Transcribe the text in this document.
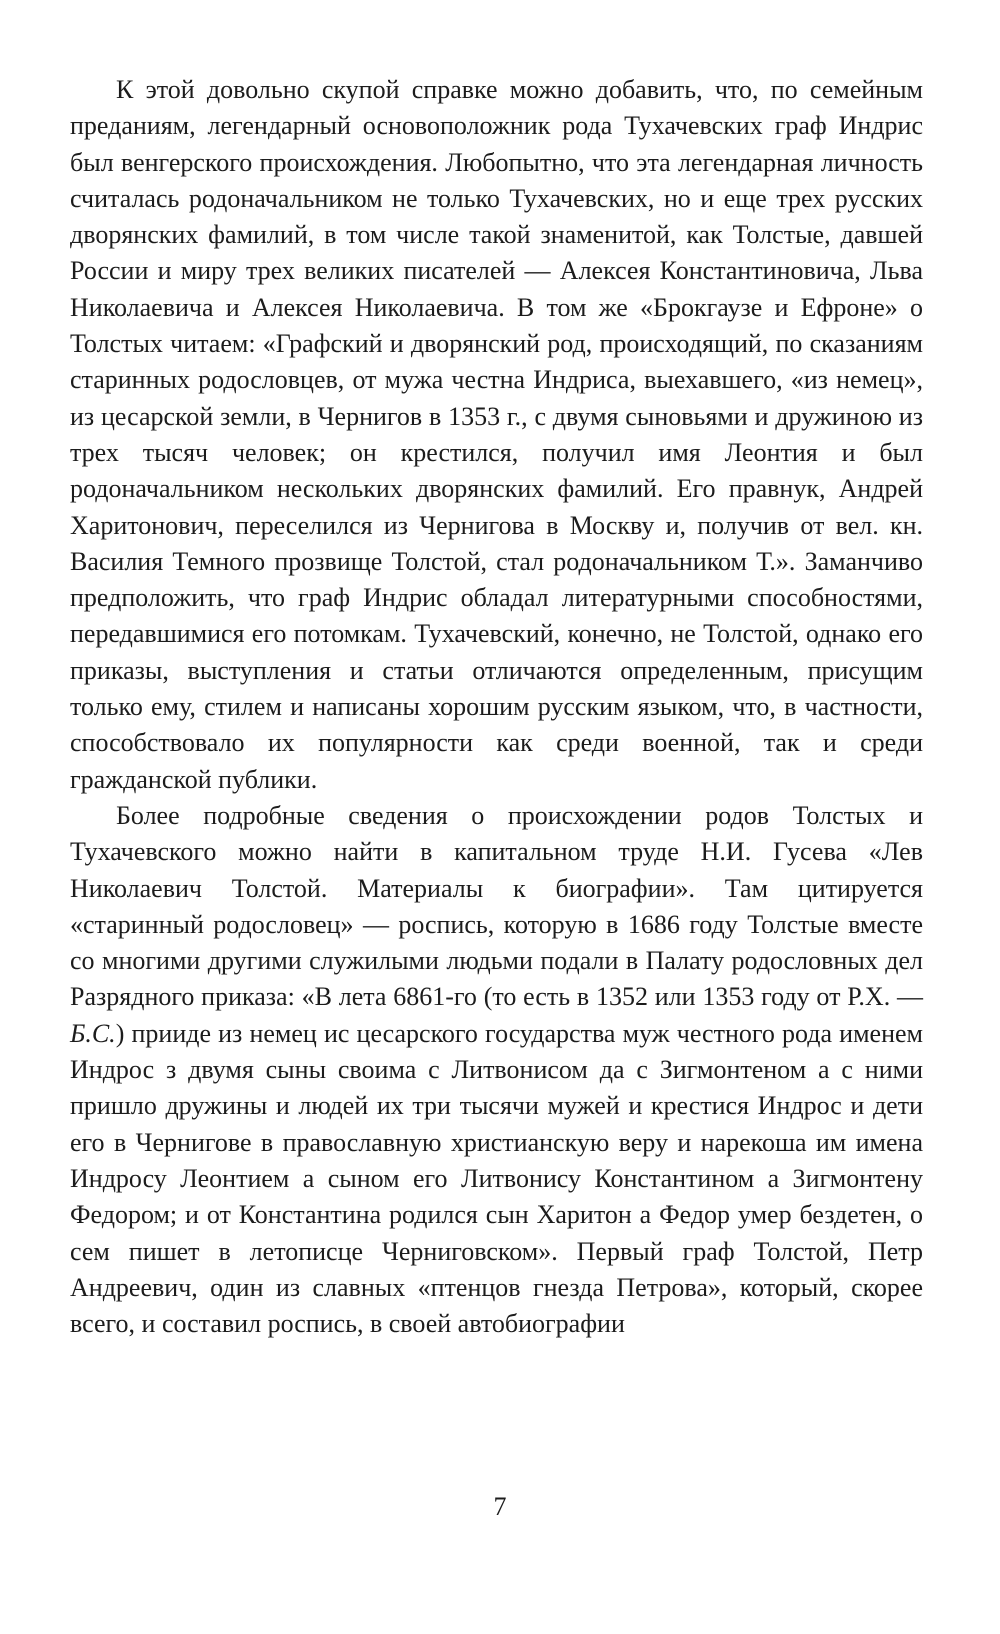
К этой довольно скупой справке можно добавить, что, по семейным преданиям, легендарный основоположник рода Тухачевских граф Индрис был венгерского происхождения. Любопытно, что эта легендарная личность считалась родоначальником не только Тухачевских, но и еще трех русских дворянских фамилий, в том числе такой знаменитой, как Толстые, давшей России и миру трех великих писателей — Алексея Константиновича, Льва Николаевича и Алексея Николаевича. В том же «Брокгаузе и Ефроне» о Толстых читаем: «Графский и дворянский род, происходящий, по сказаниям старинных родословцев, от мужа честна Индриса, выехавшего, «из немец», из цесарской земли, в Чернигов в 1353 г., с двумя сыновьями и дружиною из трех тысяч человек; он крестился, получил имя Леонтия и был родоначальником нескольких дворянских фамилий. Его правнук, Андрей Харитонович, переселился из Чернигова в Москву и, получив от вел. кн. Василия Темного прозвище Толстой, стал родоначальником Т.». Заманчиво предположить, что граф Индрис обладал литературными способностями, передавшимися его потомкам. Тухачевский, конечно, не Толстой, однако его приказы, выступления и статьи отличаются определенным, присущим только ему, стилем и написаны хорошим русским языком, что, в частности, способствовало их популярности как среди военной, так и среди гражданской публики.

Более подробные сведения о происхождении родов Толстых и Тухачевского можно найти в капитальном труде Н.И. Гусева «Лев Николаевич Толстой. Материалы к биографии». Там цитируется «старинный родословец» — роспись, которую в 1686 году Толстые вместе со многими другими служилыми людьми подали в Палату родословных дел Разрядного приказа: «В лета 6861-го (то есть в 1352 или 1353 году от Р.Х. — Б.С.) прииде из немец ис цесарского государства муж честного рода именем Индрос з двумя сыны своима с Литвонисом да с Зигмонтеном а с ними пришло дружины и людей их три тысячи мужей и крестися Индрос и дети его в Чернигове в православную христианскую веру и нарекоша им имена Индросу Леонтием а сыном его Литвонису Константином а Зигмонтену Федором; и от Константина родился сын Харитон а Федор умер бездетен, о сем пишет в летописце Черниговском». Первый граф Толстой, Петр Андреевич, один из славных «птенцов гнезда Петрова», который, скорее всего, и составил роспись, в своей автобиографии

7
